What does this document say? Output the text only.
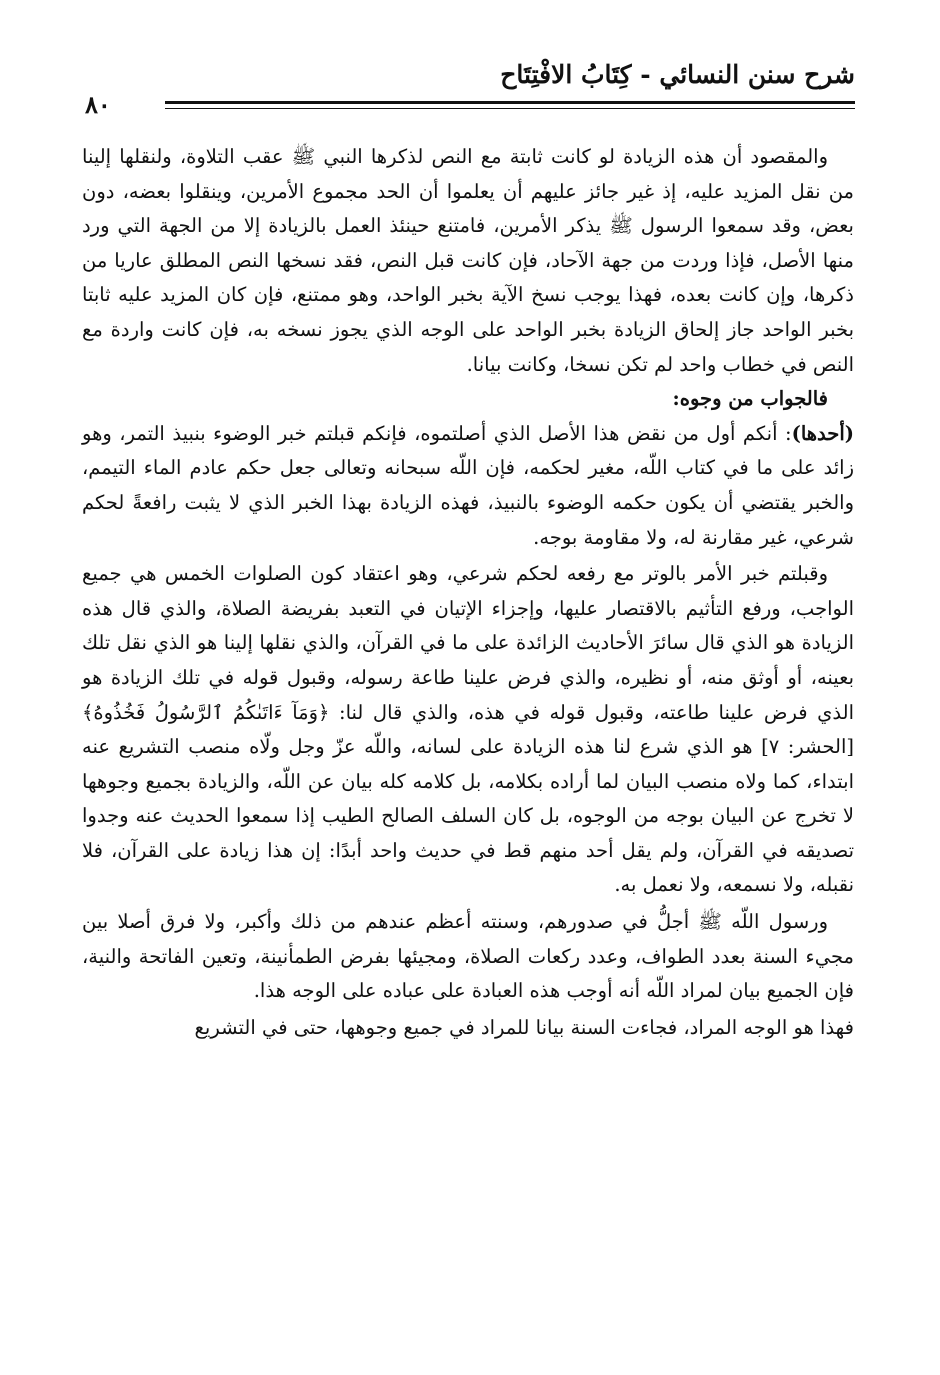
شرح سنن النسائي - كِتَابُ الافْتِتَاح
٨٠

والمقصود أن هذه الزيادة لو كانت ثابتة مع النص لذكرها النبي ﷺ عقب التلاوة، ولنقلها إلينا من نقل المزيد عليه، إذ غير جائز عليهم أن يعلموا أن الحد مجموع الأمرين، وينقلوا بعضه، دون بعض، وقد سمعوا الرسول ﷺ يذكر الأمرين، فامتنع حينئذ العمل بالزيادة إلا من الجهة التي ورد منها الأصل، فإذا وردت من جهة الآحاد، فإن كانت قبل النص، فقد نسخها النص المطلق عاريا من ذكرها، وإن كانت بعده، فهذا يوجب نسخ الآية بخبر الواحد، وهو ممتنع، فإن كان المزيد عليه ثابتا بخبر الواحد جاز إلحاق الزيادة بخبر الواحد على الوجه الذي يجوز نسخه به، فإن كانت واردة مع النص في خطاب واحد لم تكن نسخا، وكانت بيانا.

فالجواب من وجوه:

(أحدها): أنكم أول من نقض هذا الأصل الذي أصلتموه، فإنكم قبلتم خبر الوضوء بنبيذ التمر، وهو زائد على ما في كتاب اللّه، مغير لحكمه، فإن اللّه سبحانه وتعالى جعل حكم عادم الماء التيمم، والخبر يقتضي أن يكون حكمه الوضوء بالنبيذ، فهذه الزيادة بهذا الخبر الذي لا يثبت رافعةً لحكم شرعي، غير مقارنة له، ولا مقاومة بوجه.

وقبلتم خبر الأمر بالوتر مع رفعه لحكم شرعي، وهو اعتقاد كون الصلوات الخمس هي جميع الواجب، ورفع التأثيم بالاقتصار عليها، وإجزاء الإتيان في التعبد بفريضة الصلاة، والذي قال هذه الزيادة هو الذي قال سائرَ الأحاديث الزائدة على ما في القرآن، والذي نقلها إلينا هو الذي نقل تلك بعينه، أو أوثق منه، أو نظيره، والذي فرض علينا طاعة رسوله، وقبول قوله في تلك الزيادة هو الذي فرض علينا طاعته، وقبول قوله في هذه، والذي قال لنا: ﴿وَمَآ ءَاتَىٰكُمُ ٱلرَّسُولُ فَخُذُوهُ﴾ [الحشر: ٧] هو الذي شرع لنا هذه الزيادة على لسانه، واللّه عزّ وجل ولّاه منصب التشريع عنه ابتداء، كما ولاه منصب البيان لما أراده بكلامه، بل كلامه كله بيان عن اللّه، والزيادة بجميع وجوهها لا تخرج عن البيان بوجه من الوجوه، بل كان السلف الصالح الطيب إذا سمعوا الحديث عنه وجدوا تصديقه في القرآن، ولم يقل أحد منهم قط في حديث واحد أبدًا: إن هذا زيادة على القرآن، فلا نقبله، ولا نسمعه، ولا نعمل به.

ورسول اللّه ﷺ أجلُّ في صدورهم، وسنته أعظم عندهم من ذلك وأكبر، ولا فرق أصلا بين مجيء السنة بعدد الطواف، وعدد ركعات الصلاة، ومجيئها بفرض الطمأنينة، وتعين الفاتحة والنية، فإن الجميع بيان لمراد اللّه أنه أوجب هذه العبادة على عباده على الوجه هذا.

فهذا هو الوجه المراد، فجاءت السنة بيانا للمراد في جميع وجوهها، حتى في التشريع
